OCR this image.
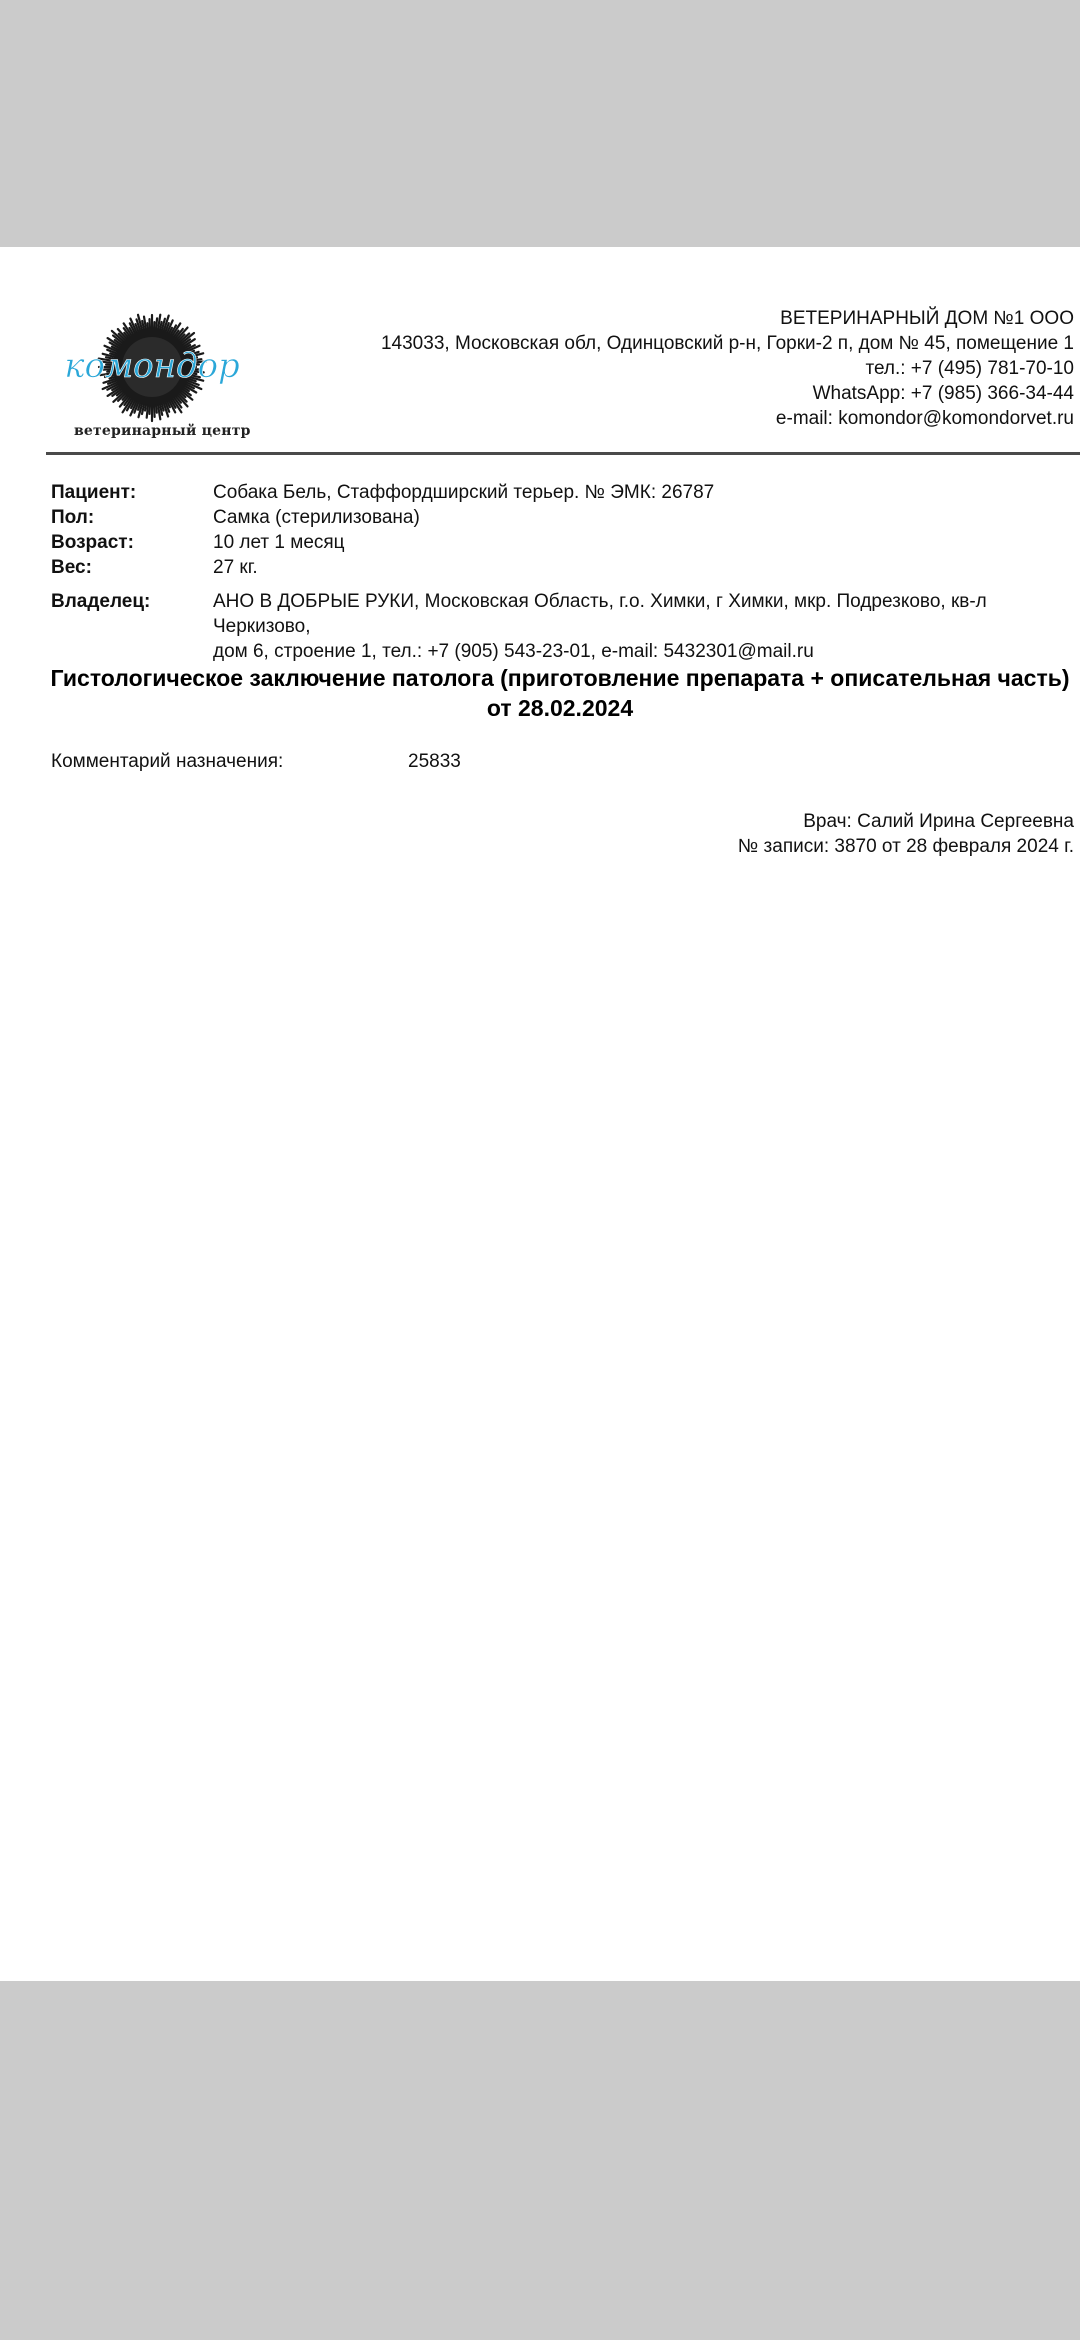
комондор
ветеринарный центр
ВЕТЕРИНАРНЫЙ ДОМ №1 ООО
143033, Московская обл, Одинцовский р-н, Горки-2 п, дом № 45, помещение 1
тел.: +7 (495) 781-70-10
WhatsApp: +7 (985) 366-34-44
e-mail: komondor@komondorvet.ru
Пациент:	Собака Бель, Стаффордширский терьер. № ЭМК: 26787
Пол:	Самка (стерилизована)
Возраст:	10 лет 1 месяц
Вес:	27 кг.
Владелец:	АНО В ДОБРЫЕ РУКИ, Московская Область, г.о. Химки, г Химки, мкр. Подрезково, кв-л Черкизово,
дом 6, строение 1, тел.: +7 (905) 543-23-01, e-mail: 5432301@mail.ru
Гистологическое заключение патолога (приготовление препарата + описательная часть)
от 28.02.2024
Комментарий назначения:	25833
Врач: Салий Ирина Сергеевна
№ записи: 3870 от 28 февраля 2024 г.
